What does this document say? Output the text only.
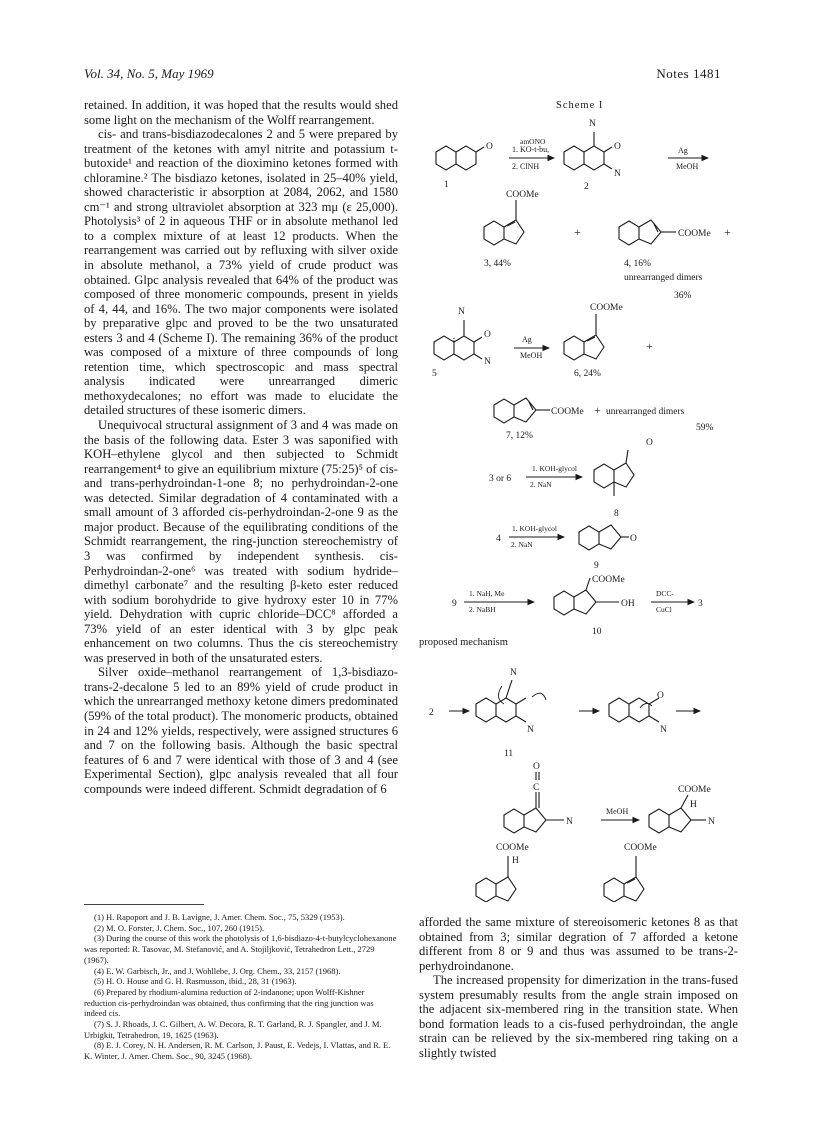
Vol. 34, No. 5, May 1969	Notes 1481

retained. In addition, it was hoped that the results would shed some light on the mechanism of the Wolff rearrangement.

cis- and trans-bisdiazodecalones 2 and 5 were prepared by treatment of the ketones with amyl nitrite and potassium t-butoxide¹ and reaction of the dioximino ketones formed with chloramine.² The bisdiazo ketones, isolated in 25–40% yield, showed characteristic ir absorption at 2084, 2062, and 1580 cm⁻¹ and strong ultraviolet absorption at 323 mμ (ε 25,000). Photolysis³ of 2 in aqueous THF or in absolute methanol led to a complex mixture of at least 12 products. When the rearrangement was carried out by refluxing with silver oxide in absolute methanol, a 73% yield of crude product was obtained. Glpc analysis revealed that 64% of the product was composed of three monomeric compounds, present in yields of 4, 44, and 16%. The two major components were isolated by preparative glpc and proved to be the two unsaturated esters 3 and 4 (Scheme I). The remaining 36% of the product was composed of a mixture of three compounds of long retention time, which spectroscopic and mass spectral analysis indicated were unrearranged dimeric methoxydecalones; no effort was made to elucidate the detailed structures of these isomeric dimers.

Unequivocal structural assignment of 3 and 4 was made on the basis of the following data. Ester 3 was saponified with KOH–ethylene glycol and then subjected to Schmidt rearrangement⁴ to give an equilibrium mixture (75:25)⁵ of cis- and trans-perhydroindan-1-one 8; no perhydroindan-2-one was detected. Similar degradation of 4 contaminated with a small amount of 3 afforded cis-perhydroindan-2-one 9 as the major product. Because of the equilibrating conditions of the Schmidt rearrangement, the ring-junction stereochemistry of 3 was confirmed by independent synthesis. cis-Perhydroindan-2-one⁶ was treated with sodium hydride–dimethyl carbonate⁷ and the resulting β-keto ester reduced with sodium borohydride to give hydroxy ester 10 in 77% yield. Dehydration with cupric chloride–DCC⁸ afforded a 73% yield of an ester identical with 3 by glpc peak enhancement on two columns. Thus the cis stereochemistry was preserved in both of the unsaturated esters.

Silver oxide–methanol rearrangement of 1,3-bisdiazo-trans-2-decalone 5 led to an 89% yield of crude product in which the unrearranged methoxy ketone dimers predominated (59% of the total product). The monomeric products, obtained in 24 and 12% yields, respectively, were assigned structures 6 and 7 on the following basis. Although the basic spectral features of 6 and 7 were identical with those of 3 and 4 (see Experimental Section), glpc analysis revealed that all four compounds were indeed different. Schmidt degradation of 6

(1) H. Rapoport and J. B. Lavigne, J. Amer. Chem. Soc., 75, 5329 (1953).

(2) M. O. Forster, J. Chem. Soc., 107, 260 (1915).

(3) During the course of this work the photolysis of 1,6-bisdiazo-4-t-butylcyclohexanone was reported: R. Tasovac, M. Stefanović, and A. Stojiljković, Tetrahedron Lett., 2729 (1967).

(4) E. W. Garbisch, Jr., and J. Wohllebe, J. Org. Chem., 33, 2157 (1968).

(5) H. O. House and G. H. Rasmusson, ibid., 28, 31 (1963).

(6) Prepared by rhodium-alumina reduction of 2-indanone; upon Wolff-Kishner reduction cis-perhydroindan was obtained, thus confirming that the ring junction was indeed cis.

(7) S. J. Rhoads, J. C. Gilbert, A. W. Decora, R. T. Garland, R. J. Spangler, and J. M. Urbigkit, Tetrahedron, 19, 1625 (1963).

(8) E. J. Corey, N. H. Andersen, R. M. Carlson, J. Paust, E. Vedejs, I. Vlattas, and R. E. K. Winter, J. Amer. Chem. Soc., 90, 3245 (1968).

afforded the same mixture of stereoisomeric ketones 8 as that obtained from 3; similar degration of 7 afforded a ketone different from 8 or 9 and thus was assumed to be trans-2-perhydroindanone.

The increased propensity for dimerization in the trans-fused system presumably results from the angle strain imposed on the adjacent six-membered ring in the transition state. When bond formation leads to a cis-fused perhydroindan, the angle strain can be relieved by the six-membered ring taking on a slightly twisted

Scheme I
N
O
1
1. KO-t-bu,
amONO
2. ClNH
O
N
2
Ag
MeOH
COOMe
+	COOMe +
3, 44%	4, 16%
unrearranged dimers
36%
N
O
N
Ag
MeOH
5
COOMe
+
6, 24%
COOMe + unrearranged dimers
59%
7, 12%
O
3 or 6
1. KOH-glycol
2. NaN
8
4
1. KOH-glycol
2. NaN
O
9
COOMe
9
1. NaH, Me
2. NaBH
OH
DCC-
CuCl
3
10
proposed mechanism
2
N
N
O
N
11
O
C
N
MeOH
COOMe
H
N
COOMe
H
COOMe
